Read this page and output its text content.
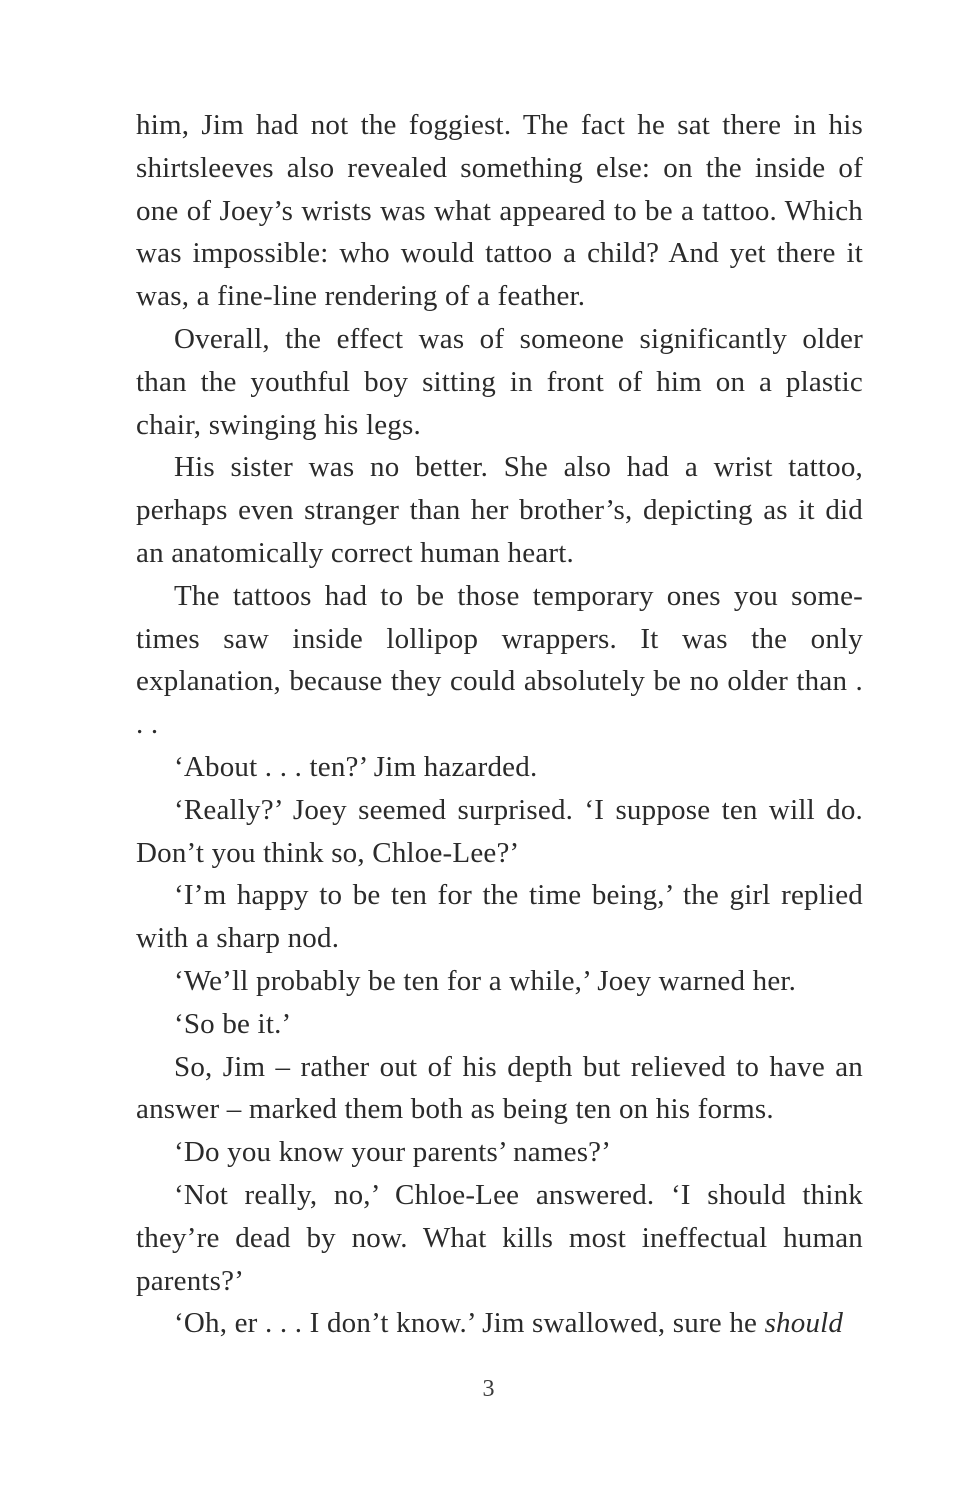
him, Jim had not the foggiest. The fact he sat there in his shirtsleeves also revealed something else: on the inside of one of Joey’s wrists was what appeared to be a tattoo. Which was impossible: who would tattoo a child? And yet there it was, a fine-line rendering of a feather.

Overall, the effect was of someone significantly older than the youthful boy sitting in front of him on a plastic chair, swinging his legs.

His sister was no better. She also had a wrist tattoo, perhaps even stranger than her brother’s, depicting as it did an anatomically correct human heart.

The tattoos had to be those temporary ones you some-times saw inside lollipop wrappers. It was the only explanation, because they could absolutely be no older than . . .

‘About . . . ten?’ Jim hazarded.

‘Really?’ Joey seemed surprised. ‘I suppose ten will do. Don’t you think so, Chloe-Lee?’

‘I’m happy to be ten for the time being,’ the girl replied with a sharp nod.

‘We’ll probably be ten for a while,’ Joey warned her.

‘So be it.’

So, Jim – rather out of his depth but relieved to have an answer – marked them both as being ten on his forms.

‘Do you know your parents’ names?’

‘Not really, no,’ Chloe-Lee answered. ‘I should think they’re dead by now. What kills most ineffectual human parents?’

‘Oh, er . . . I don’t know.’ Jim swallowed, sure he should

3
